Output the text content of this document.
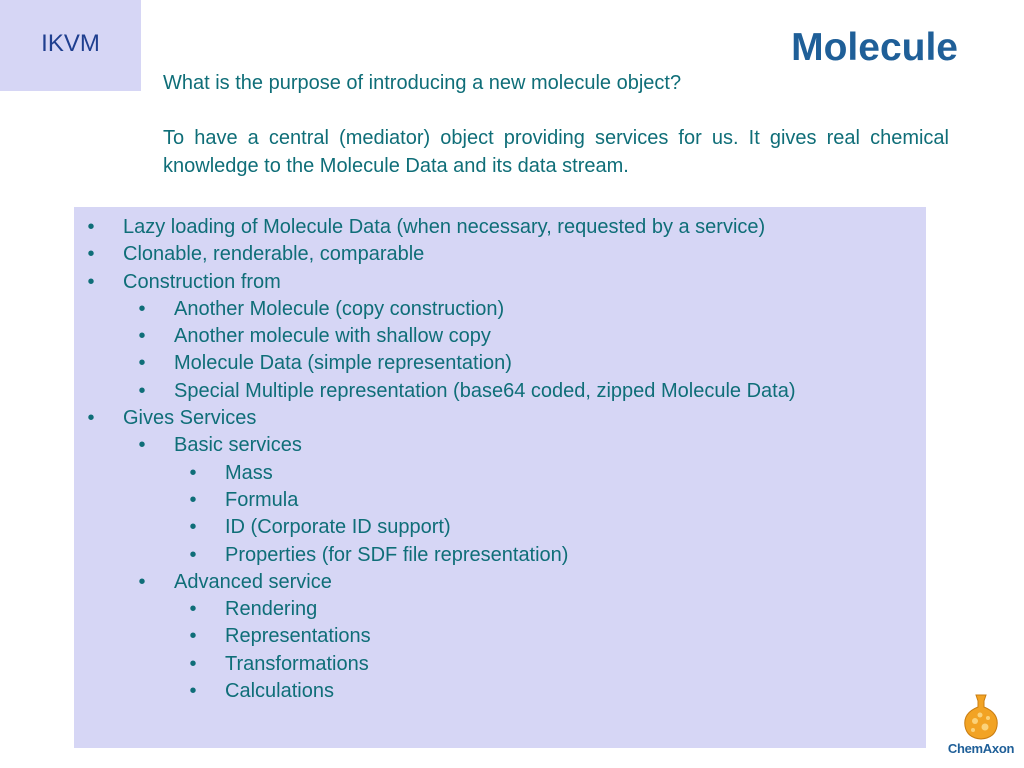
IKVM	Molecule
What is the purpose of introducing a new molecule object?
To have a central (mediator) object providing services for us. It gives real chemical knowledge to the Molecule Data and its data stream.
• Lazy loading of Molecule Data (when necessary, requested by a service)
• Clonable, renderable, comparable
• Construction from
• Another Molecule (copy construction)
• Another molecule with shallow copy
• Molecule Data (simple representation)
• Special Multiple representation (base64 coded, zipped Molecule Data)
• Gives Services
• Basic services
• Mass
• Formula
• ID (Corporate ID support)
• Properties (for SDF file representation)
• Advanced service
• Rendering
• Representations
• Transformations
• Calculations
ChemAxon
